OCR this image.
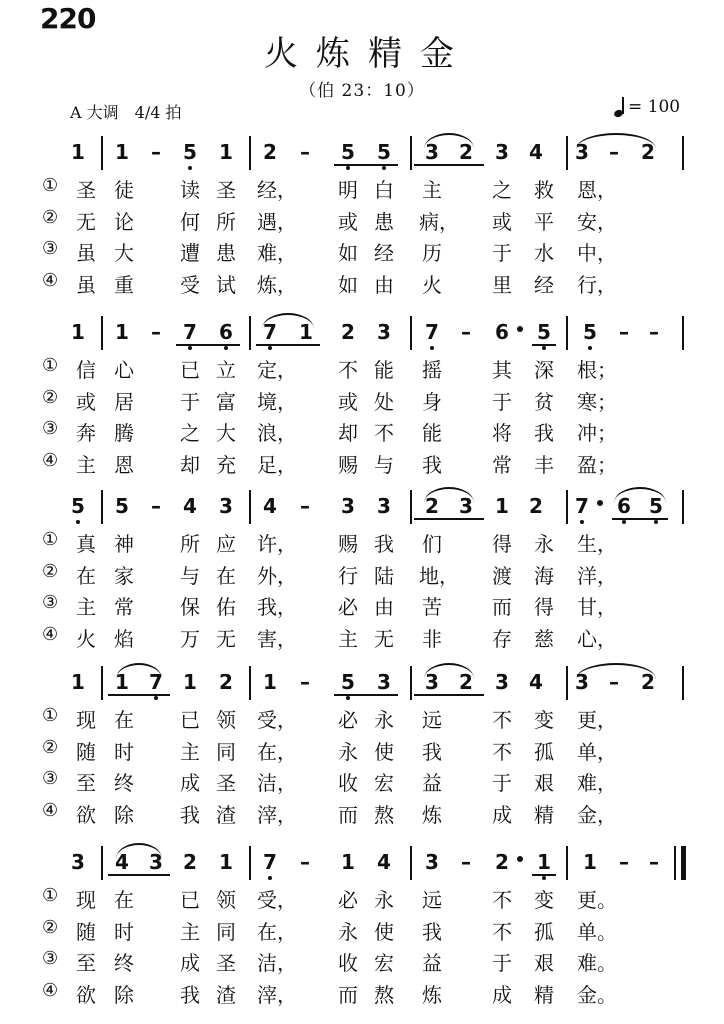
220
火炼精金
（伯 23：10）
A 大调　4/4 拍	= 100
1 1 – 5 1 2 – 5 5 3 2 3 4 3 – 2
① 圣 徒 读 圣 经， 明 白 主	之 救 恩，
② 无 论 何 所 遇， 或 患 病， 或 平 安，
③ 虽 大 遭 患 难， 如 经 历	于 水 中，
④ 虽 重 受 试 炼， 如 由 火	里 经 行，
1 1 – 7 6 7 1 2 3 7 – 6 5 5 – –
① 信 心 已 立 定， 不 能 摇	其 深 根；
② 或 居 于 富 境， 或 处 身	于 贫 寒；
③ 奔 腾 之 大 浪， 却 不 能	将 我 冲；
④ 主 恩 却 充 足， 赐 与 我	常 丰 盈；
5 5 – 4 3 4 – 3 3 2 3 1 2 7 6 5
① 真 神 所 应 许， 赐 我 们	得 永 生，
② 在 家 与 在 外， 行 陆 地， 渡 海 洋，
③ 主 常 保 佑 我， 必 由 苦	而 得 甘，
④ 火 焰 万 无 害， 主 无 非	存 慈 心，
1 1 7 1 2 1 – 5 3 3 2 3 4 3 – 2
① 现 在 已 领 受， 必 永 远	不 变 更，
② 随 时 主 同 在， 永 使 我	不 孤 单，
③ 至 终 成 圣 洁， 收 宏 益	于 艰 难，
④ 欲 除 我 渣 滓， 而 熬 炼	成 精 金，
3 4 3 2 1 7 – 1 4 3 – 2 1 1 – –
① 现 在 已 领 受， 必 永 远	不 变 更。
② 随 时 主 同 在， 永 使 我	不 孤 单。
③ 至 终 成 圣 洁， 收 宏 益	于 艰 难。
④ 欲 除 我 渣 滓， 而 熬 炼	成 精 金。
